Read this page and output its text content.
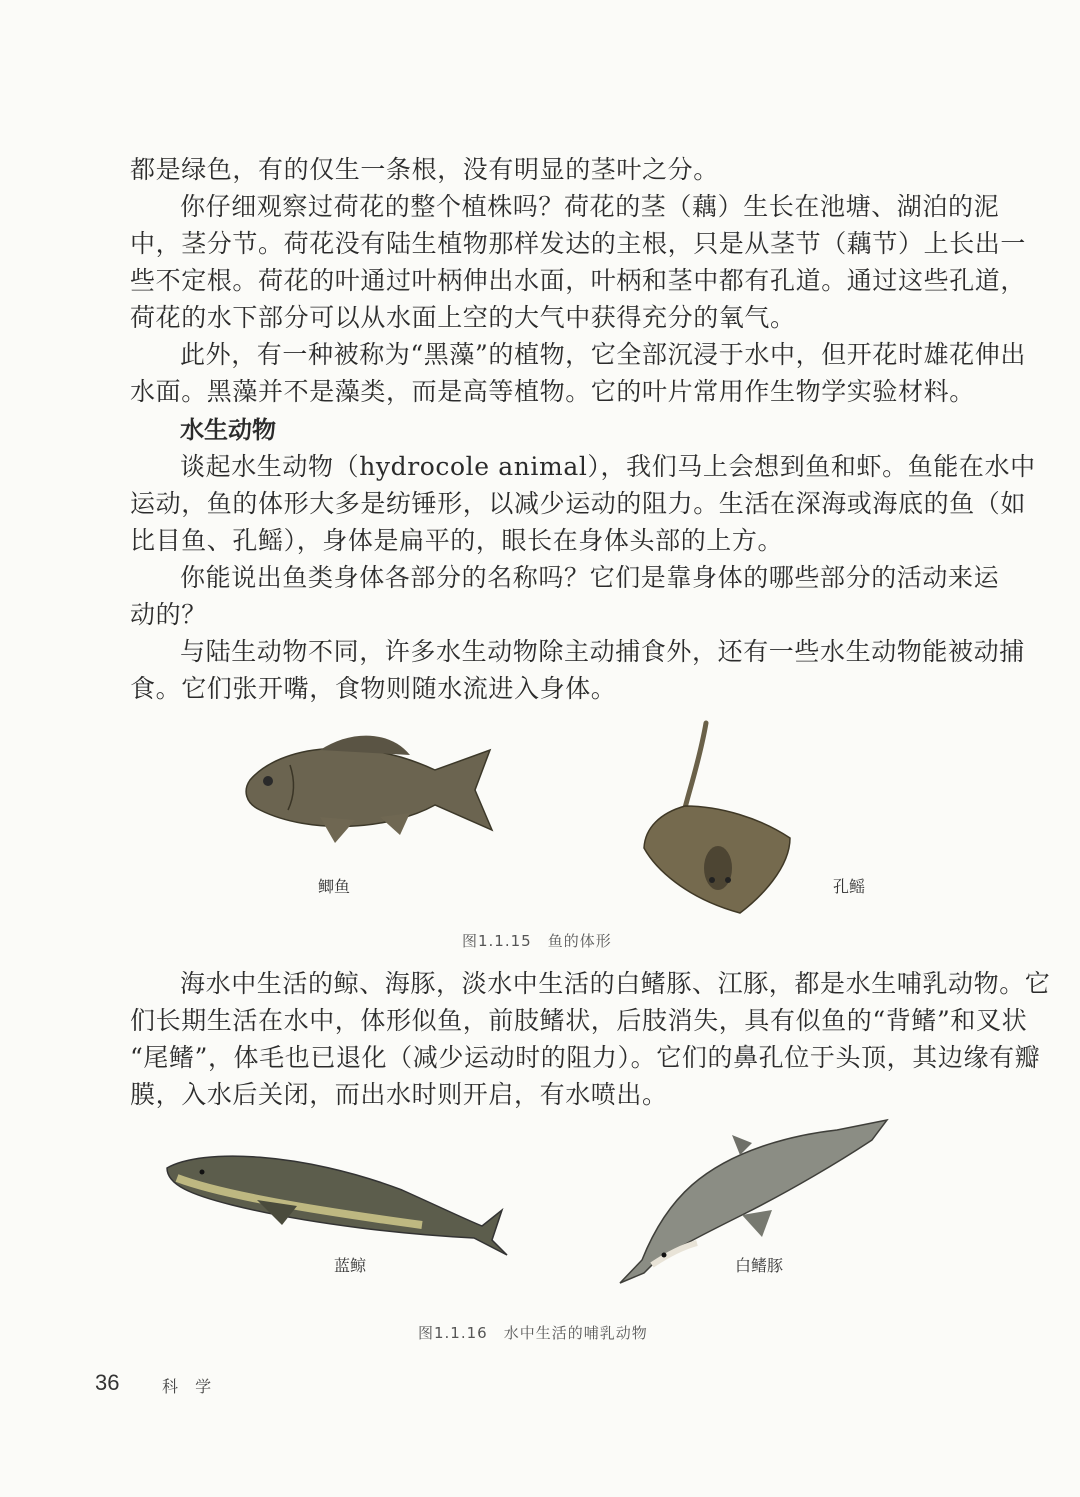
都是绿色，有的仅生一条根，没有明显的茎叶之分。
你仔细观察过荷花的整个植株吗？荷花的茎（藕）生长在池塘、湖泊的泥
中，茎分节。荷花没有陆生植物那样发达的主根，只是从茎节（藕节）上长出一
些不定根。荷花的叶通过叶柄伸出水面，叶柄和茎中都有孔道。通过这些孔道，
荷花的水下部分可以从水面上空的大气中获得充分的氧气。
此外，有一种被称为“黑藻”的植物，它全部沉浸于水中，但开花时雄花伸出
水面。黑藻并不是藻类，而是高等植物。它的叶片常用作生物学实验材料。
水生动物
谈起水生动物（hydrocole animal），我们马上会想到鱼和虾。鱼能在水中
运动，鱼的体形大多是纺锤形，以减少运动的阻力。生活在深海或海底的鱼（如
比目鱼、孔鳐），身体是扁平的，眼长在身体头部的上方。
你能说出鱼类身体各部分的名称吗？它们是靠身体的哪些部分的活动来运
动的？
与陆生动物不同，许多水生动物除主动捕食外，还有一些水生动物能被动捕
食。它们张开嘴，食物则随水流进入身体。
鲫鱼	孔鳐
图1.1.15　鱼的体形
海水中生活的鲸、海豚，淡水中生活的白鳍豚、江豚，都是水生哺乳动物。它
们长期生活在水中，体形似鱼，前肢鳍状，后肢消失，具有似鱼的“背鳍”和叉状
“尾鳍”，体毛也已退化（减少运动时的阻力）。它们的鼻孔位于头顶，其边缘有瓣
膜，入水后关闭，而出水时则开启，有水喷出。
蓝鲸	白鳍豚
图1.1.16　水中生活的哺乳动物
36	科 学
